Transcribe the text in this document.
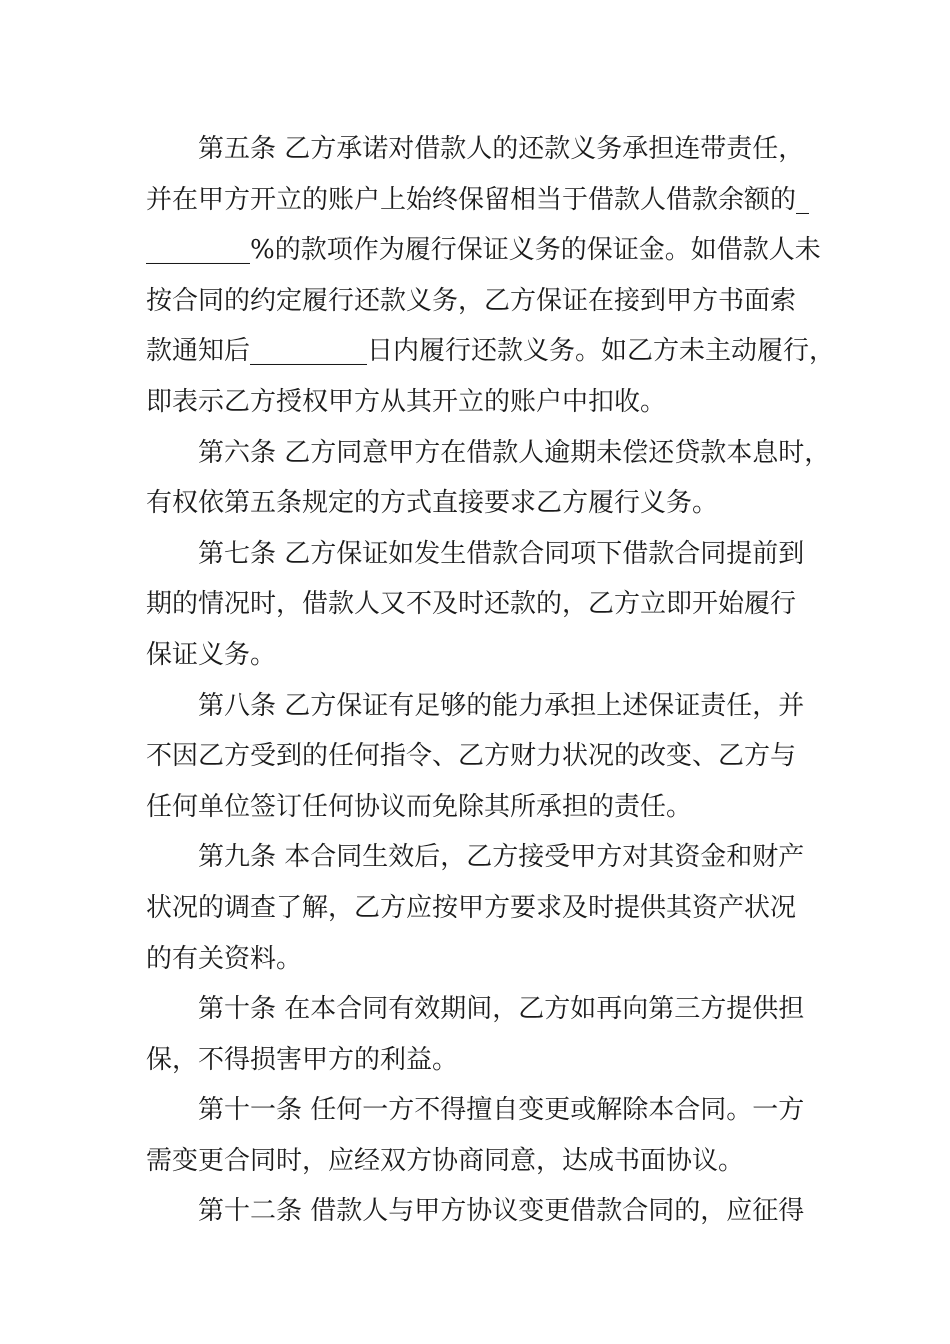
第五条 乙方承诺对借款人的还款义务承担连带责任，
并在甲方开立的账户上始终保留相当于借款人借款余额的_
________%的款项作为履行保证义务的保证金。如借款人未
按合同的约定履行还款义务，乙方保证在接到甲方书面索
款通知后_________日内履行还款义务。如乙方未主动履行，
即表示乙方授权甲方从其开立的账户中扣收。
第六条 乙方同意甲方在借款人逾期未偿还贷款本息时，
有权依第五条规定的方式直接要求乙方履行义务。
第七条 乙方保证如发生借款合同项下借款合同提前到
期的情况时，借款人又不及时还款的，乙方立即开始履行
保证义务。
第八条 乙方保证有足够的能力承担上述保证责任，并
不因乙方受到的任何指令、乙方财力状况的改变、乙方与
任何单位签订任何协议而免除其所承担的责任。
第九条 本合同生效后，乙方接受甲方对其资金和财产
状况的调查了解，乙方应按甲方要求及时提供其资产状况
的有关资料。
第十条 在本合同有效期间，乙方如再向第三方提供担
保，不得损害甲方的利益。
第十一条 任何一方不得擅自变更或解除本合同。一方
需变更合同时，应经双方协商同意，达成书面协议。
第十二条 借款人与甲方协议变更借款合同的，应征得
